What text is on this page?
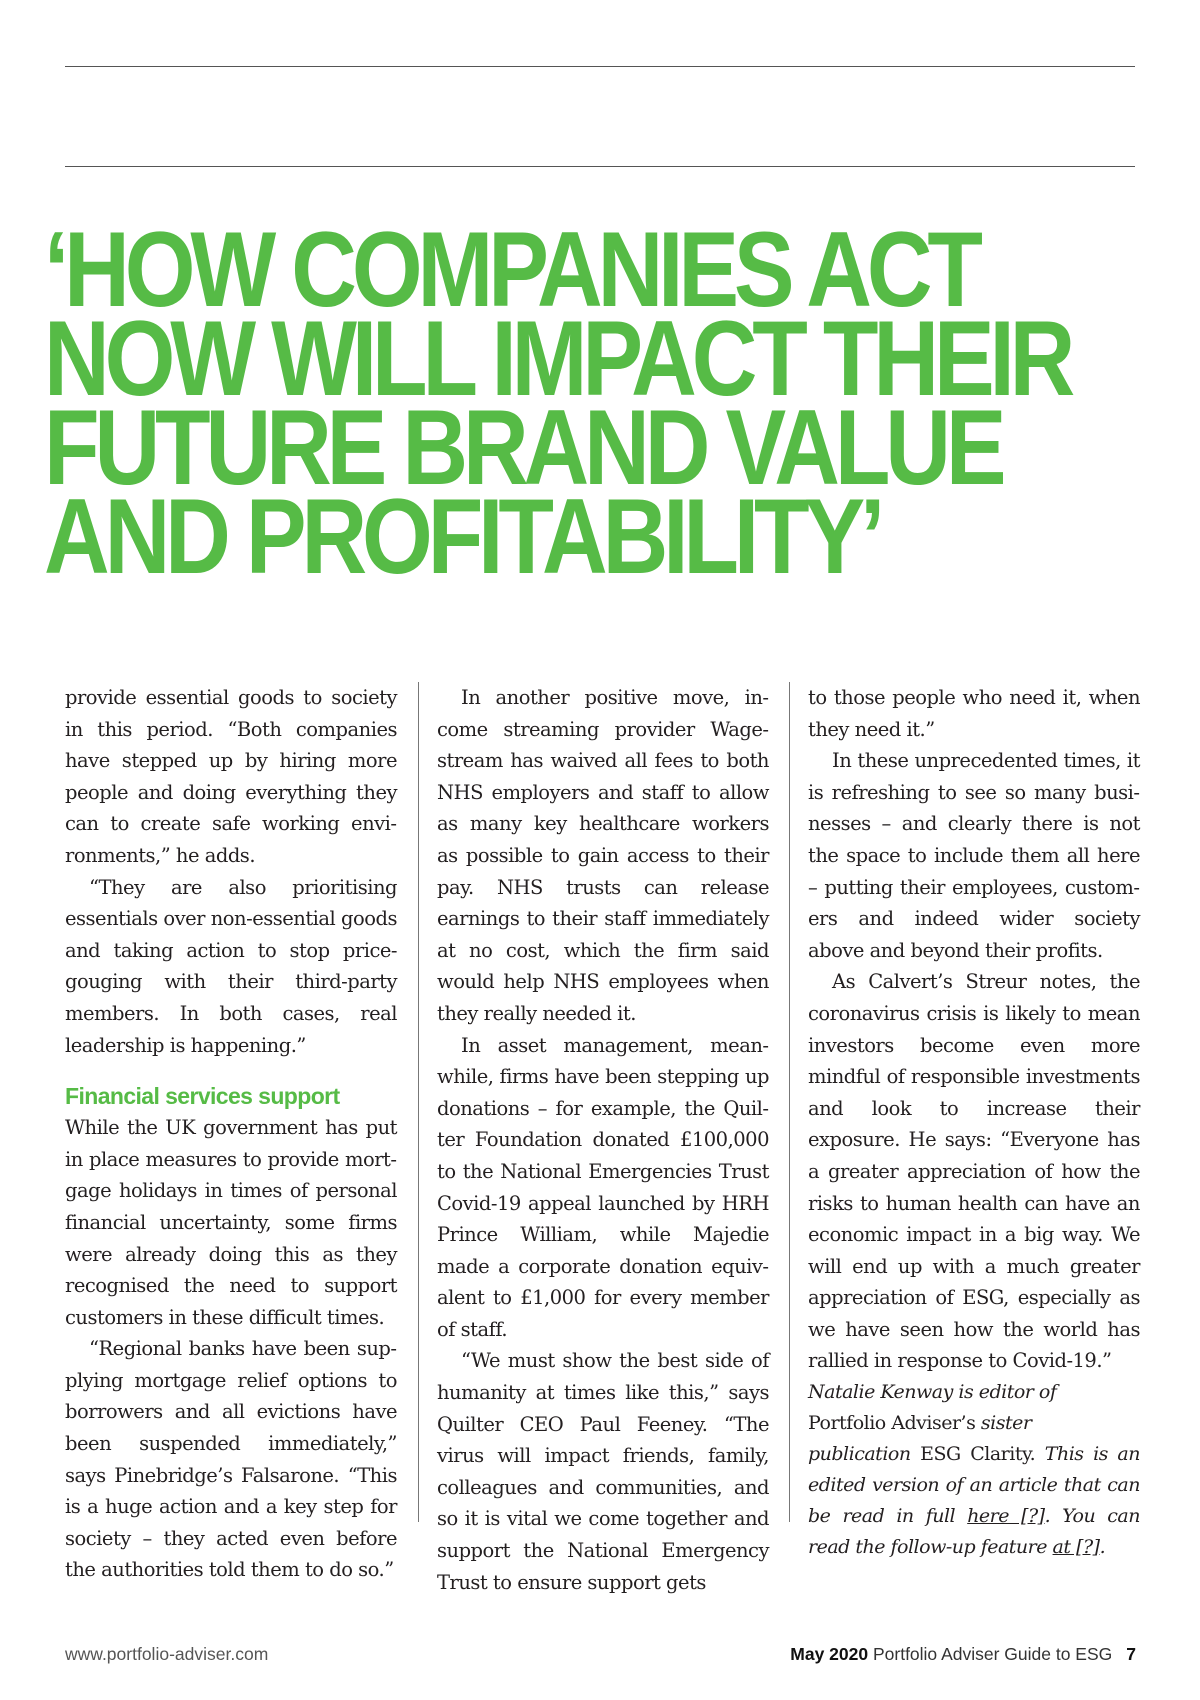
‘HOW COMPANIES ACT
NOW WILL IMPACT THEIR
FUTURE BRAND VALUE
AND PROFITABILITY’

provide essential goods to society in this period. “Both companies have stepped up by hiring more people and doing everything they can to create safe working environments,” he adds.

“They are also prioritising essentials over non-essential goods and taking action to stop price-gouging with their third-party members. In both cases, real leadership is happening.”

Financial services support

While the UK government has put in place measures to provide mortgage holidays in times of personal financial uncertainty, some firms were already doing this as they recognised the need to support customers in these difficult times.

“Regional banks have been supplying mortgage relief options to borrowers and all evictions have been suspended immediately,” says Pinebridge’s Falsarone. “This is a huge action and a key step for society – they acted even before the authorities told them to do so.”

In another positive move, income streaming provider Wagestream has waived all fees to both NHS employers and staff to allow as many key healthcare workers as possible to gain access to their pay. NHS trusts can release earnings to their staff immediately at no cost, which the firm said would help NHS employees when they really needed it.

In asset management, meanwhile, firms have been stepping up donations – for example, the Quilter Foundation donated £100,000 to the National Emergencies Trust Covid-19 appeal launched by HRH Prince William, while Majedie made a corporate donation equivalent to £1,000 for every member of staff.

“We must show the best side of humanity at times like this,” says Quilter CEO Paul Feeney. “The virus will impact friends, family, colleagues and communities, and so it is vital we come together and support the National Emergency Trust to ensure support gets

to those people who need it, when they need it.”

In these unprecedented times, it is refreshing to see so many businesses – and clearly there is not the space to include them all here – putting their employees, customers and indeed wider society above and beyond their profits.

As Calvert’s Streur notes, the coronavirus crisis is likely to mean investors become even more mindful of responsible investments and look to increase their exposure. He says: “Everyone has a greater appreciation of how the risks to human health can have an economic impact in a big way. We will end up with a much greater appreciation of ESG, especially as we have seen how the world has rallied in response to Covid-19.”

Natalie Kenway is editor of
Portfolio Adviser’s sister
publication ESG Clarity. This is an edited version of an article that can be read in full here [?]. You can read the follow-up feature at [?].

www.portfolio-adviser.com	May 2020 Portfolio Adviser Guide to ESG 7
